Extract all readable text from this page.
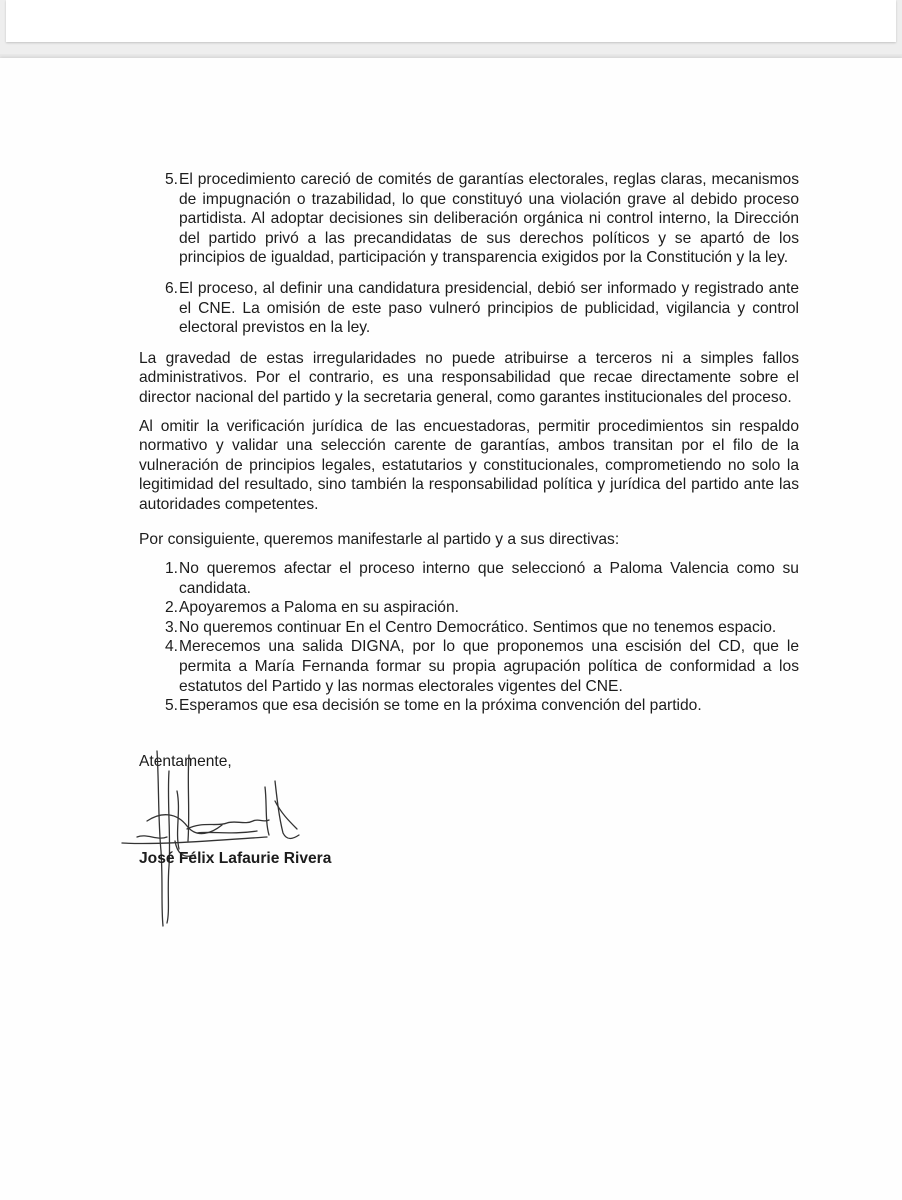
5. El procedimiento careció de comités de garantías electorales, reglas claras, mecanismos de impugnación o trazabilidad, lo que constituyó una violación grave al debido proceso partidista. Al adoptar decisiones sin deliberación orgánica ni control interno, la Dirección del partido privó a las precandidatas de sus derechos políticos y se apartó de los principios de igualdad, participación y transparencia exigidos por la Constitución y la ley.
6. El proceso, al definir una candidatura presidencial, debió ser informado y registrado ante el CNE. La omisión de este paso vulneró principios de publicidad, vigilancia y control electoral previstos en la ley.

La gravedad de estas irregularidades no puede atribuirse a terceros ni a simples fallos administrativos. Por el contrario, es una responsabilidad que recae directamente sobre el director nacional del partido y la secretaria general, como garantes institucionales del proceso.

Al omitir la verificación jurídica de las encuestadoras, permitir procedimientos sin respaldo normativo y validar una selección carente de garantías, ambos transitan por el filo de la vulneración de principios legales, estatutarios y constitucionales, comprometiendo no solo la legitimidad del resultado, sino también la responsabilidad política y jurídica del partido ante las autoridades competentes.

Por consiguiente, queremos manifestarle al partido y a sus directivas:

1. No queremos afectar el proceso interno que seleccionó a Paloma Valencia como su candidata.
2. Apoyaremos a Paloma en su aspiración.
3. No queremos continuar En el Centro Democrático. Sentimos que no tenemos espacio.
4. Merecemos una salida DIGNA, por lo que proponemos una escisión del CD, que le permita a María Fernanda formar su propia agrupación política de conformidad a los estatutos del Partido y las normas electorales vigentes del CNE.
5. Esperamos que esa decisión se tome en la próxima convención del partido.

Atentamente,

José Félix Lafaurie Rivera
